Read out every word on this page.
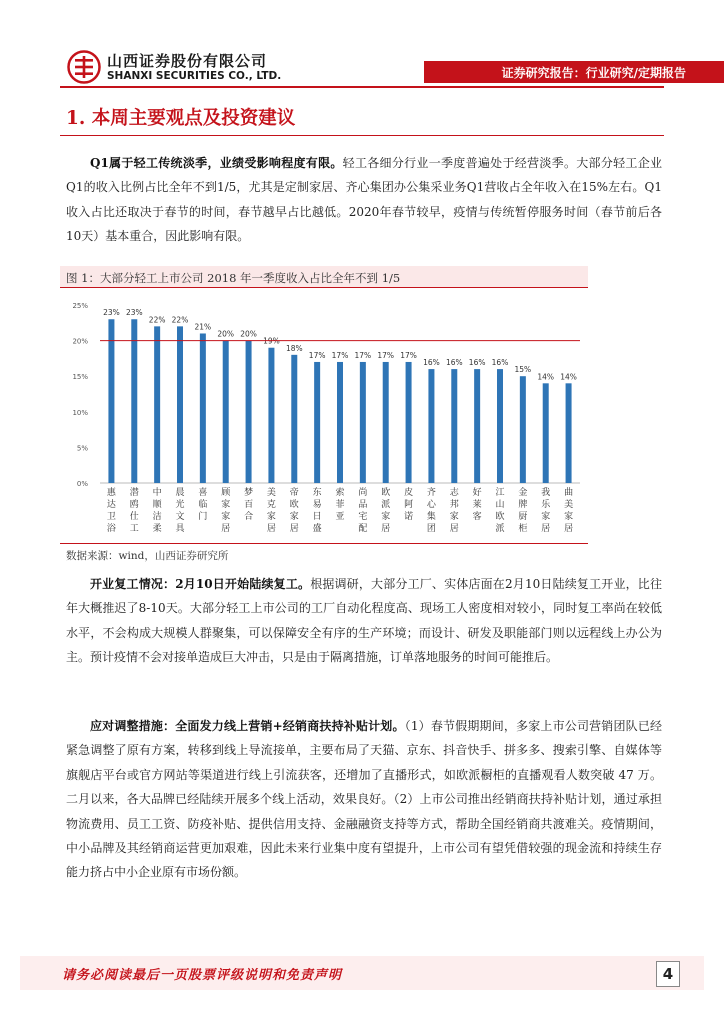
山西证券股份有限公司
SHANXI SECURITIES CO., LTD.	证券研究报告：行业研究/定期报告
1. 本周主要观点及投资建议
Q1属于轻工传统淡季，业绩受影响程度有限。轻工各细分行业一季度普遍处于经营淡季。大部分轻工企业Q1的收入比例占比全年不到1/5，尤其是定制家居、齐心集团办公集采业务Q1营收占全年收入在15%左右。Q1收入占比还取决于春节的时间，春节越早占比越低。2020年春节较早，疫情与传统暂停服务时间（春节前后各10天）基本重合，因此影响有限。
图 1：大部分轻工上市公司 2018 年一季度收入占比全年不到 1/5
0%
5%
10%
15%
20%
25%
23%
惠达卫浴
23%
潜鸥仕工
22%
中顺洁柔
22%
晨光文具
21%
喜临门
20%
顾家家居
20%
梦百合
19%
美克家居
18%
帝欧家居
17%
东易日盛
17%
索菲亚
17%
尚品宅配
17%
欧派家居
17%
皮阿诺
16%
齐心集团
16%
志邦家居
16%
好莱客
16%
江山欧派
15%
金牌厨柜
14%
我乐家居
14%
曲美家居
数据来源：wind，山西证券研究所
开业复工情况：2月10日开始陆续复工。根据调研，大部分工厂、实体店面在2月10日陆续复工开业，比往年大概推迟了8-10天。大部分轻工上市公司的工厂自动化程度高、现场工人密度相对较小，同时复工率尚在较低水平，不会构成大规模人群聚集，可以保障安全有序的生产环境；而设计、研发及职能部门则以远程线上办公为主。预计疫情不会对接单造成巨大冲击，只是由于隔离措施，订单落地服务的时间可能推后。
应对调整措施：全面发力线上营销+经销商扶持补贴计划。（1）春节假期期间，多家上市公司营销团队已经紧急调整了原有方案，转移到线上导流接单，主要布局了天猫、京东、抖音快手、拼多多、搜索引擎、自媒体等旗舰店平台或官方网站等渠道进行线上引流获客，还增加了直播形式，如欧派橱柜的直播观看人数突破 47 万。二月以来，各大品牌已经陆续开展多个线上活动，效果良好。（2）上市公司推出经销商扶持补贴计划，通过承担物流费用、员工工资、防疫补贴、提供信用支持、金融融资支持等方式，帮助全国经销商共渡难关。疫情期间，中小品牌及其经销商运营更加艰难，因此未来行业集中度有望提升，上市公司有望凭借较强的现金流和持续生存能力挤占中小企业原有市场份额。
请务必阅读最后一页股票评级说明和免责声明	4
